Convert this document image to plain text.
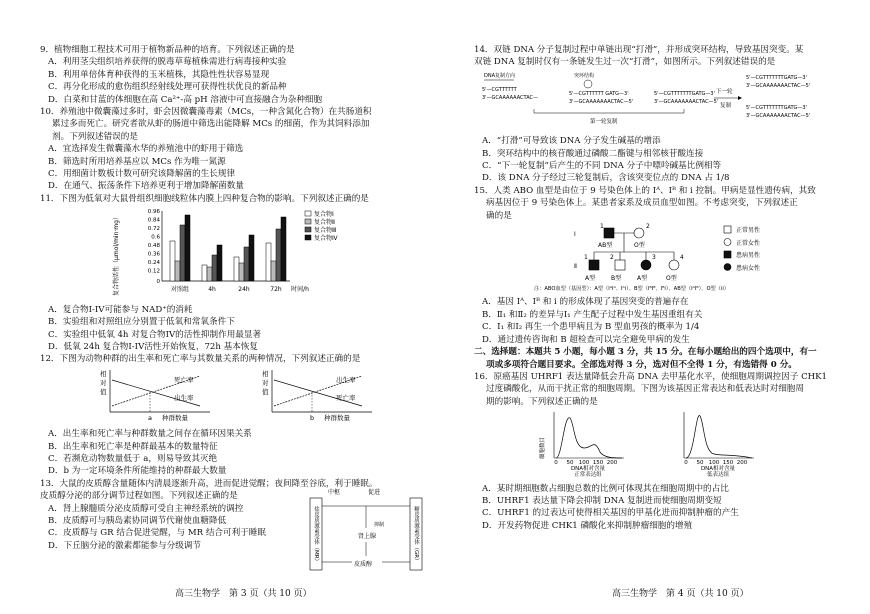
9．植物细胞工程技术可用于植物新品种的培育。下列叙述正确的是
A．利用茎尖组织培养获得的脱毒草莓植株需进行病毒接种实验
B．利用单倍体育种获得的玉米植株，其隐性性状容易显现
C．再分化形成的愈伤组织经射线处理可获得性状优良的新品种
D．白菜和甘蓝的体细胞在高 Ca²⁺-高 pH 溶液中可直接融合为杂种细胞
10．养殖池中微囊藻过多时，虾会因微囊藻毒素（MCs，一种含氮化合物）在共肠道积
累过多而死亡。研究者欲从虾的肠道中筛选出能降解 MCs 的细菌，作为其饲料添加
剂。下列叙述错误的是
A．宜选择发生微囊藻水华的养殖池中的虾用于筛选
B．筛选时所用培养基应以 MCs 作为唯一氮源
C．用细菌计数板计数可研究该降解菌的生长规律
D．在通气、振荡条件下培养更利于增加降解菌数量
11．下图为低氧对大鼠骨组织细胞线粒体内膜上四种复合物的影响。下列叙述正确的是
复合物活性（μmol/min·mg）
0.96
0.84
0.72
0.6
0.48
0.36
0.24
0.12
0
对照组	4h	24h	72h 时间/h
复合物Ⅰ
复合物Ⅱ
复合物Ⅲ
复合物Ⅳ
A．复合物I-IV可能参与 NAD⁺的消耗
B．实验组和对照组应分别置于低氧和常氧条件下
C．实验组中低氧 4h 对复合物IV的活性抑制作用最显著
D．低氧 24h 复合物I-IV活性开始恢复，72h 基本恢复
12．下图为动物种群的出生率和死亡率与其数量关系的两种情况，下列叙述正确的是
相
对
值
死亡率
出生率
a 种群数量
相
对
值
出生率
死亡率
b 种群数量
A．出生率和死亡率与种群数量之间存在循环因果关系
B．出生率和死亡率是种群最基本的数量特征
C．若濒危动物数量低于 a，则易导致其灭绝
D．b 为一定环境条件所能维持的种群最大数量
13．大鼠的皮质醇含量随体内清晨逐渐升高，进而促进觉醒；夜间降至谷底，利于睡眠。
皮质醇分泌的部分调节过程如图。下列叙述正确的是
A．肾上腺髓质分泌皮质醇可受自主神经系统的调控
B．皮质醇可与胰岛素协同调节代谢使血糖降低
C．皮质醇与 GR 结合促进觉醒，与 MR 结合可利于睡眠
D．下丘脑分泌的激素都能参与分级调节
中枢	促进
盐皮质激素受体（MR）	糖皮质激素受体（GR）
肾上腺
皮质醇
抑制
高三生物学　第 3 页（共 10 页）
14．双链 DNA 分子复制过程中单链出现“打滑”，并形成突环结构，导致基因突变。某
双链 DNA 复制时仅有一条链发生过一次“打滑”，如图所示。下列叙述错误的是
DNA复制方向
5'—CGTTTTTT
3'—GCAAAAAACTAC—
突环结构
5'—CGTTTTTT GATG—3'
3'—GCAAAAAAACTAC—5'
5'—CGTTTTTTTGATG—3'
3'—GCAAAAAAACTAC—5'
下一轮
复制
5'—CGTTTTTTTGATG—3'
3'—GCAAAAAAACTAC—5'
5'—CGTTTTTTTGATG—3'
3'—GCAAAAAAACTAC—5'
第一轮复制
A．“打滑”可导致该 DNA 分子发生碱基的增添
B．突环结构中的核苷酸通过磷酸二酯键与相邻核苷酸连接
C．“下一轮复制”后产生的不同 DNA 分子中嘌呤碱基比例相等
D．该 DNA 分子经过三轮复制后，含该突变位点的 DNA 占 1/8
15．人类 ABO 血型是由位于 9 号染色体上的 Iᴬ、Iᴮ 和 i 控制。甲病是显性遗传病，其致
病基因位于 9 号染色体上。某患者家系及成员血型如图。不考虑突变，下列叙述正
确的是
Ⅰ
Ⅱ
AB型	O型
1	2
A型	B型	A型	O型
1	2	3	4
正常男性
正常女性
患病男性
患病女性
注：ABO血型（基因型）：A型（IᴬIᴬ、Iᴬi）、B型（IᴮIᴮ、Iᴮi）、AB型（IᴬIᴮ）、O型（ii）
A．基因 Iᴬ、Iᴮ 和 i 的形成体现了基因突变的普遍存在
B．Ⅱ₁ 和Ⅱ₂ 的差异与Ⅰ₁ 产生配子过程中发生基因重组有关
C．Ⅰ₁ 和Ⅰ₂ 再生一个患甲病且为 B 型血男孩的概率为 1/4
D．通过遗传咨询和 B 超检查可以完全避免甲病的发生
二、选择题：本题共 5 小题，每小题 3 分，共 15 分。在每小题给出的四个选项中，有一
项或多项符合题目要求。全部选对得 3 分，选对但不全得 1 分，有选错得 0 分。
16．原癌基因 UHRF1 表达量降低会升高 DNA 去甲基化水平，使细胞周期调控因子 CHK1
过度磷酸化，从而干扰正常的细胞周期。下图为该基因正常表达和低表达时对细胞周
期的影响。下列叙述正确的是
细胞数目
0 50 100 150 200
DNA相对含量
正常表达组
0 50 100 150 200
DNA相对含量
低表达组
A．某时期细胞数占细胞总数的比例可体现其在细胞周期中的占比
B．UHRF1 表达量下降会抑制 DNA 复制进而使细胞周期变短
C．UHRF1 的过表达可使得相关基因的甲基化进而抑制肿瘤的产生
D．开发药物促进 CHK1 磷酸化来抑制肿瘤细胞的增殖
高三生物学　第 4 页（共 10 页）
